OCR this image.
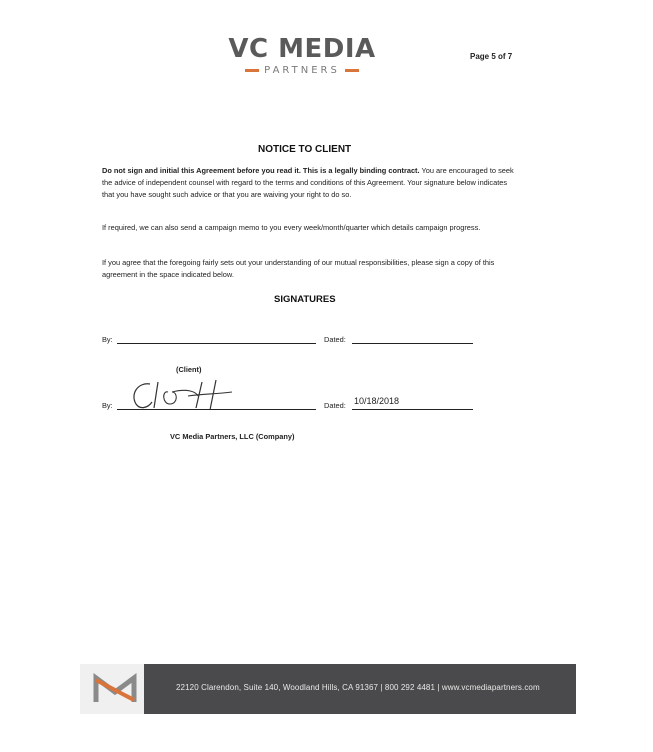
VC MEDIA
PARTNERS
Page 5 of 7
NOTICE TO CLIENT

Do not sign and initial this Agreement before you read it. This is a legally binding contract. You are encouraged to seek the advice of independent counsel with regard to the terms and conditions of this Agreement. Your signature below indicates that you have sought such advice or that you are waiving your right to do so.

If required, we can also send a campaign memo to you every week/month/quarter which details campaign progress.

If you agree that the foregoing fairly sets out your understanding of our mutual responsibilities, please sign a copy of this agreement in the space indicated below.

SIGNATURES
By:	Dated:
(Client)
By:	Dated: 10/18/2018
VC Media Partners, LLC (Company)
22120 Clarendon, Suite 140, Woodland Hills, CA 91367 | 800 292 4481 | www.vcmediapartners.com
